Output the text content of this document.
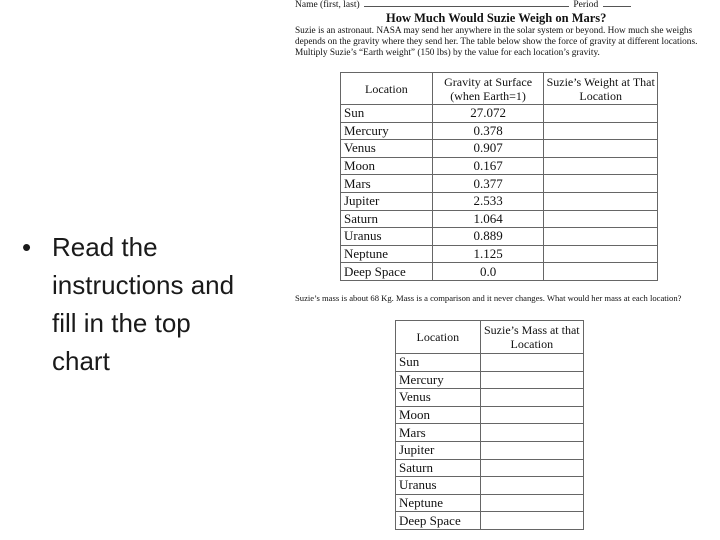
• Read the instructions and fill in the top chart
Name (first, last)	Period
How Much Would Suzie Weigh on Mars?
Suzie is an astronaut. NASA may send her anywhere in the solar system or beyond. How much she weighs depends on the gravity where they send her. The table below show the force of gravity at different locations. Multiply Suzie’s “Earth weight” (150 lbs) by the value for each location’s gravity.
Location	Gravity at Surface (when Earth=1)	Suzie’s Weight at That Location
Sun	27.072	
Mercury	0.378	
Venus	0.907	
Moon	0.167	
Mars	0.377	
Jupiter	2.533	
Saturn	1.064	
Uranus	0.889	
Neptune	1.125	
Deep Space	0.0	
Suzie’s mass is about 68 Kg. Mass is a comparison and it never changes. What would her mass at each location?
Location	Suzie’s Mass at that Location
Sun	
Mercury	
Venus	
Moon	
Mars	
Jupiter	
Saturn	
Uranus	
Neptune	
Deep Space	
